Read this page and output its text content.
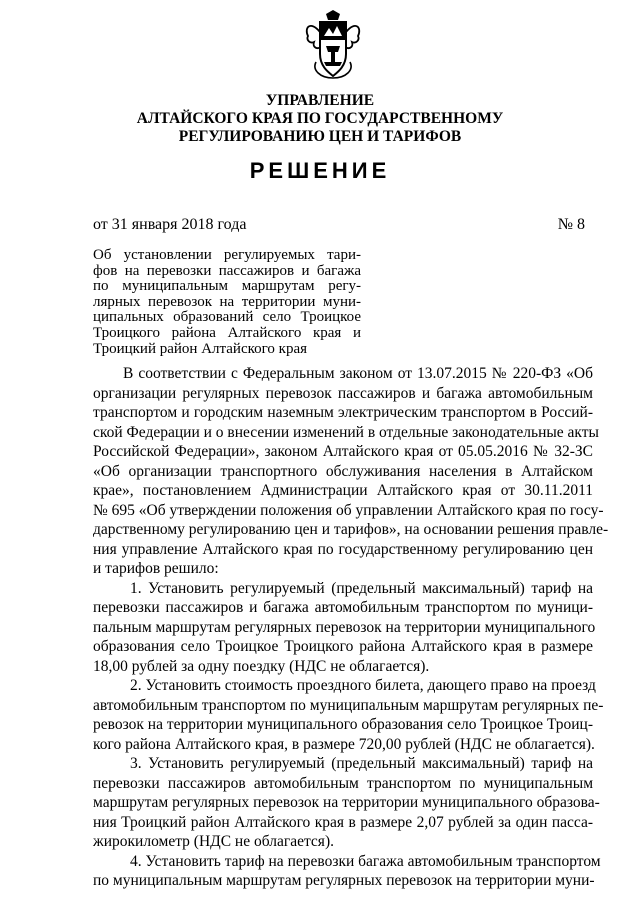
УПРАВЛЕНИЕ
АЛТАЙСКОГО КРАЯ ПО ГОСУДАРСТВЕННОМУ
РЕГУЛИРОВАНИЮ ЦЕН И ТАРИФОВ
РЕШЕНИЕ
от 31 января 2018 года	№ 8
Об установлении регулируемых тари-
фов на перевозки пассажиров и багажа
по муниципальным маршрутам регу-
лярных перевозок на территории муни-
ципальных образований село Троицкое
Троицкого района Алтайского края и
Троицкий район Алтайского края
В соответствии с Федеральным законом от 13.07.2015 № 220-ФЗ «Об
организации регулярных перевозок пассажиров и багажа автомобильным
транспортом и городским наземным электрическим транспортом в Россий-
ской Федерации и о внесении изменений в отдельные законодательные акты
Российской Федерации», законом Алтайского края от 05.05.2016 № 32-ЗС
«Об организации транспортного обслуживания населения в Алтайском
крае», постановлением Администрации Алтайского края от 30.11.2011
№ 695 «Об утверждении положения об управлении Алтайского края по госу-
дарственному регулированию цен и тарифов», на основании решения правле-
ния управление Алтайского края по государственному регулированию цен
и тарифов решило:
1. Установить регулируемый (предельный максимальный) тариф на
перевозки пассажиров и багажа автомобильным транспортом по муници-
пальным маршрутам регулярных перевозок на территории муниципального
образования село Троицкое Троицкого района Алтайского края в размере
18,00 рублей за одну поездку (НДС не облагается).
2. Установить стоимость проездного билета, дающего право на проезд
автомобильным транспортом по муниципальным маршрутам регулярных пе-
ревозок на территории муниципального образования село Троицкое Троиц-
кого района Алтайского края, в размере 720,00 рублей (НДС не облагается).
3. Установить регулируемый (предельный максимальный) тариф на
перевозки пассажиров автомобильным транспортом по муниципальным
маршрутам регулярных перевозок на территории муниципального образова-
ния Троицкий район Алтайского края в размере 2,07 рублей за один пасса-
жирокилометр (НДС не облагается).
4. Установить тариф на перевозки багажа автомобильным транспортом
по муниципальным маршрутам регулярных перевозок на территории муни-
